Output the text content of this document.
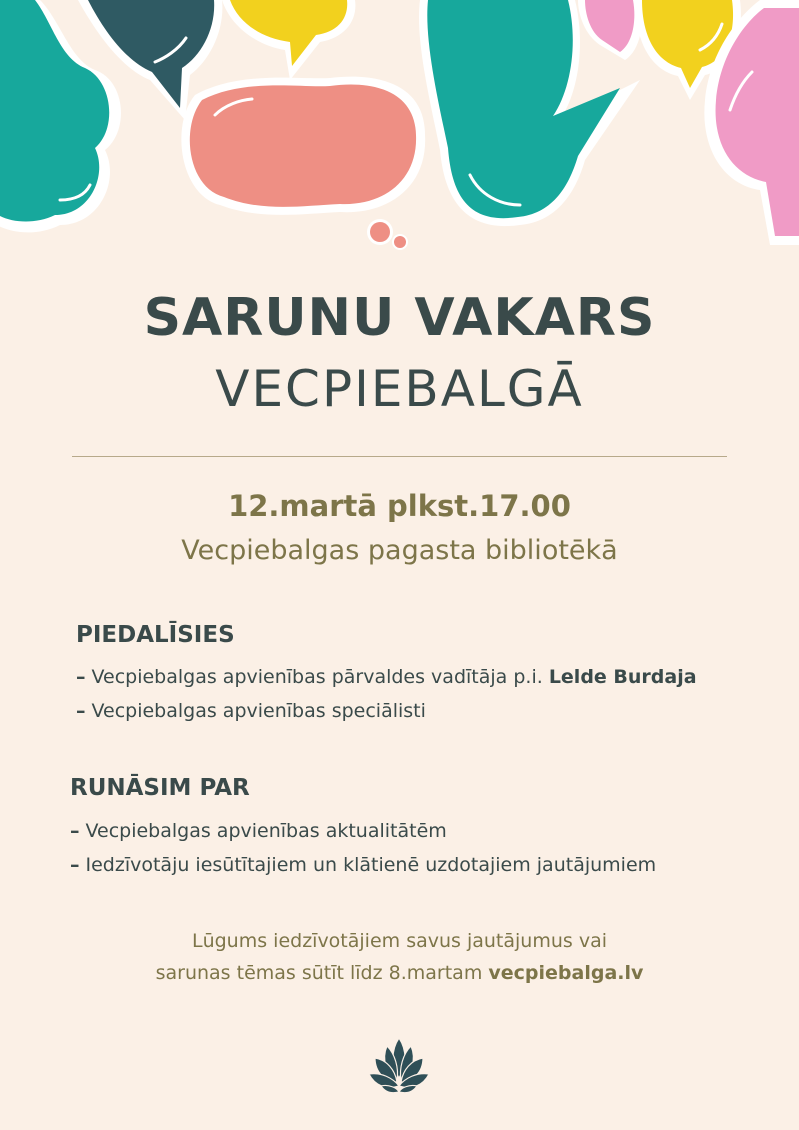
SARUNU VAKARS
VECPIEBALGĀ
12.martā plkst.17.00
Vecpiebalgas pagasta bibliotēkā
PIEDALĪSIES
– Vecpiebalgas apvienības pārvaldes vadītāja p.i. Lelde Burdaja
– Vecpiebalgas apvienības speciālisti
RUNĀSIM PAR
– Vecpiebalgas apvienības aktualitātēm
– Iedzīvotāju iesūtītajiem un klātienē uzdotajiem jautājumiem
Lūgums iedzīvotājiem savus jautājumus vai
sarunas tēmas sūtīt līdz 8.martam vecpiebalga.lv
